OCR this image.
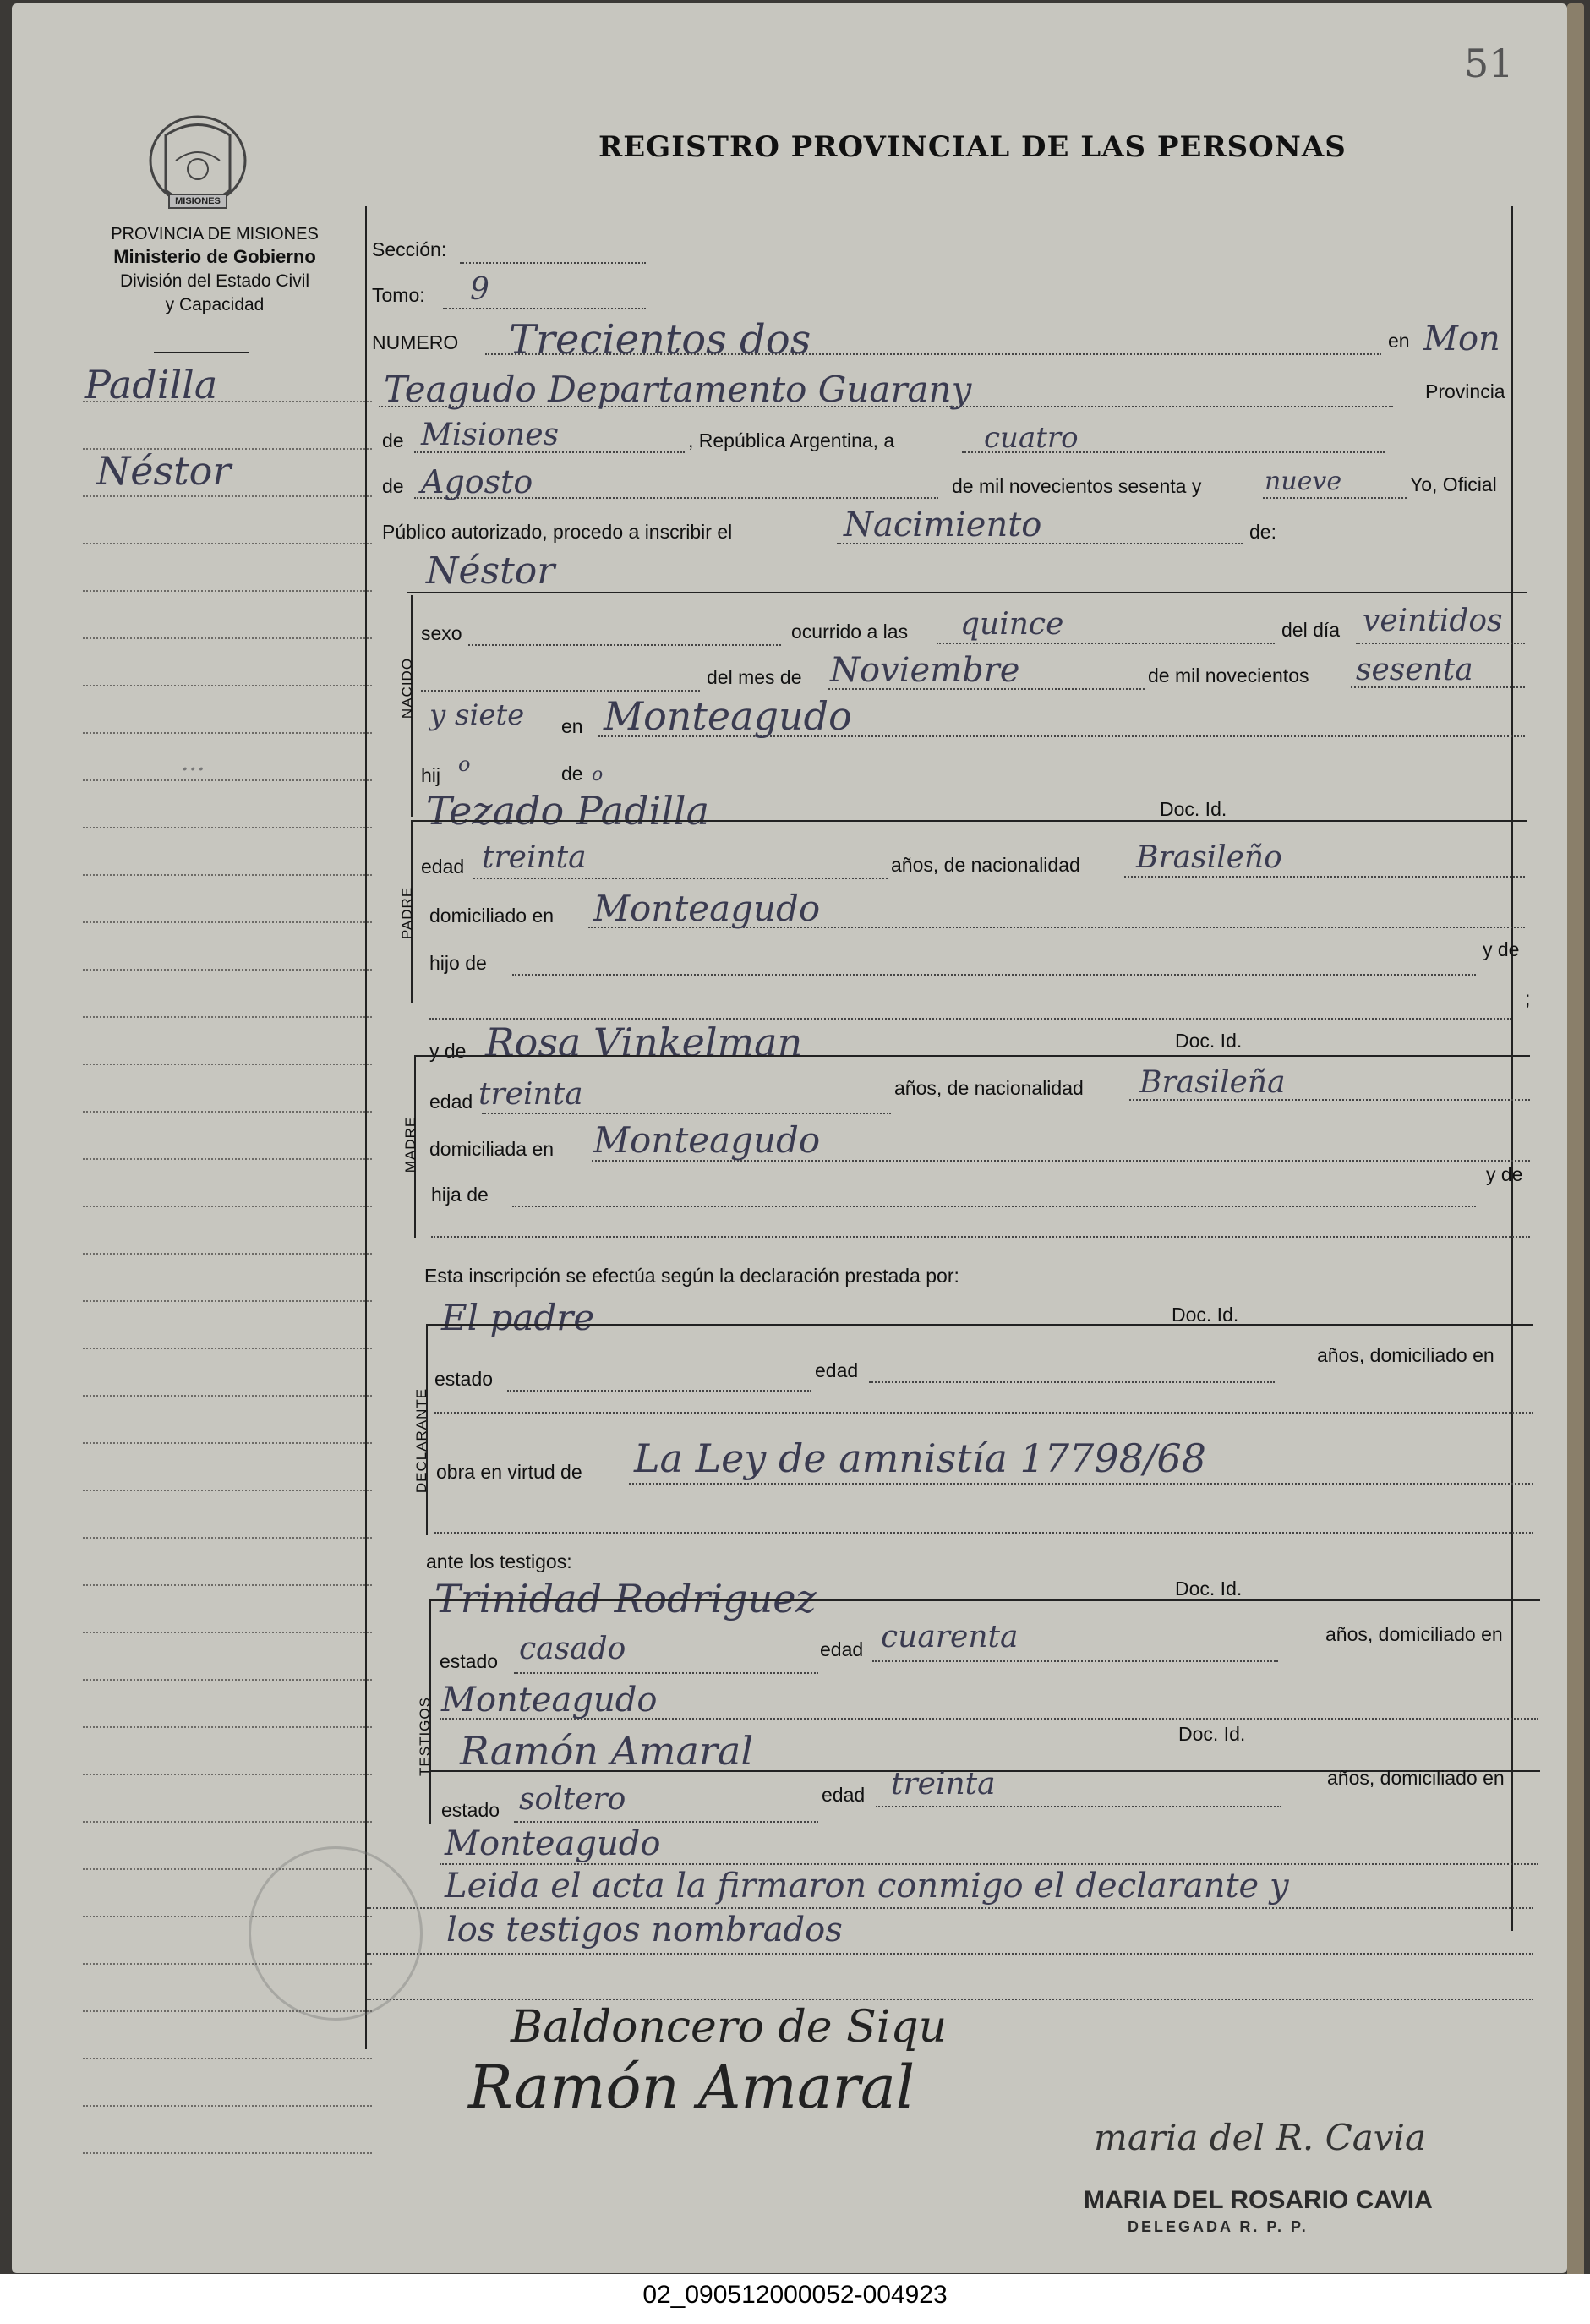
51
MISIONES
PROVINCIA DE MISIONES
Ministerio de Gobierno
División del Estado Civil
y Capacidad
REGISTRO PROVINCIAL DE LAS PERSONAS
Padilla
Néstor
...
Sección:
Tomo: 9
NUMERO Trecientos dos	en Mon
Teagudo Departamento Guarany	Provincia
de Misiones	, República Argentina, a	cuatro
de Agosto	de mil novecientos sesenta y nueve	Yo, Oficial
Público autorizado, procedo a inscribir el	Nacimiento	de:
Néstor
NACIDO
sexo	ocurrido a las quince	del día veintidos
del mes de Noviembre	de mil novecientos sesenta
y siete en Monteagudo
hij o	de o
Tezado Padilla	Doc. Id.
PADRE
edad treinta	años, de nacionalidad Brasileño
domiciliado en Monteagudo
hijo de
y de
;
y de Rosa Vinkelman	Doc. Id.
MADRE
edad treinta	años, de nacionalidad Brasileña
domiciliada en Monteagudo
hija de
y de
Esta inscripción se efectúa según la declaración prestada por:
El padre	Doc. Id.
DECLARANTE
estado	edad
años, domiciliado en
obra en virtud de La Ley de amnistía 17798/68
ante los testigos:
Trinidad Rodriguez	Doc. Id.
TESTIGOS
estado casado	edad cuarenta	años, domiciliado en
Monteagudo
Ramón Amaral	Doc. Id.
estado soltero	edad treinta	años, domiciliado en
Monteagudo
Leida el acta la firmaron conmigo el declarante y
los testigos nombrados
Baldoncero de Siqu
Ramón Amaral
maria del R. Cavia
MARIA DEL ROSARIO CAVIA
DELEGADA R. P. P.
02_090512000052-004923
